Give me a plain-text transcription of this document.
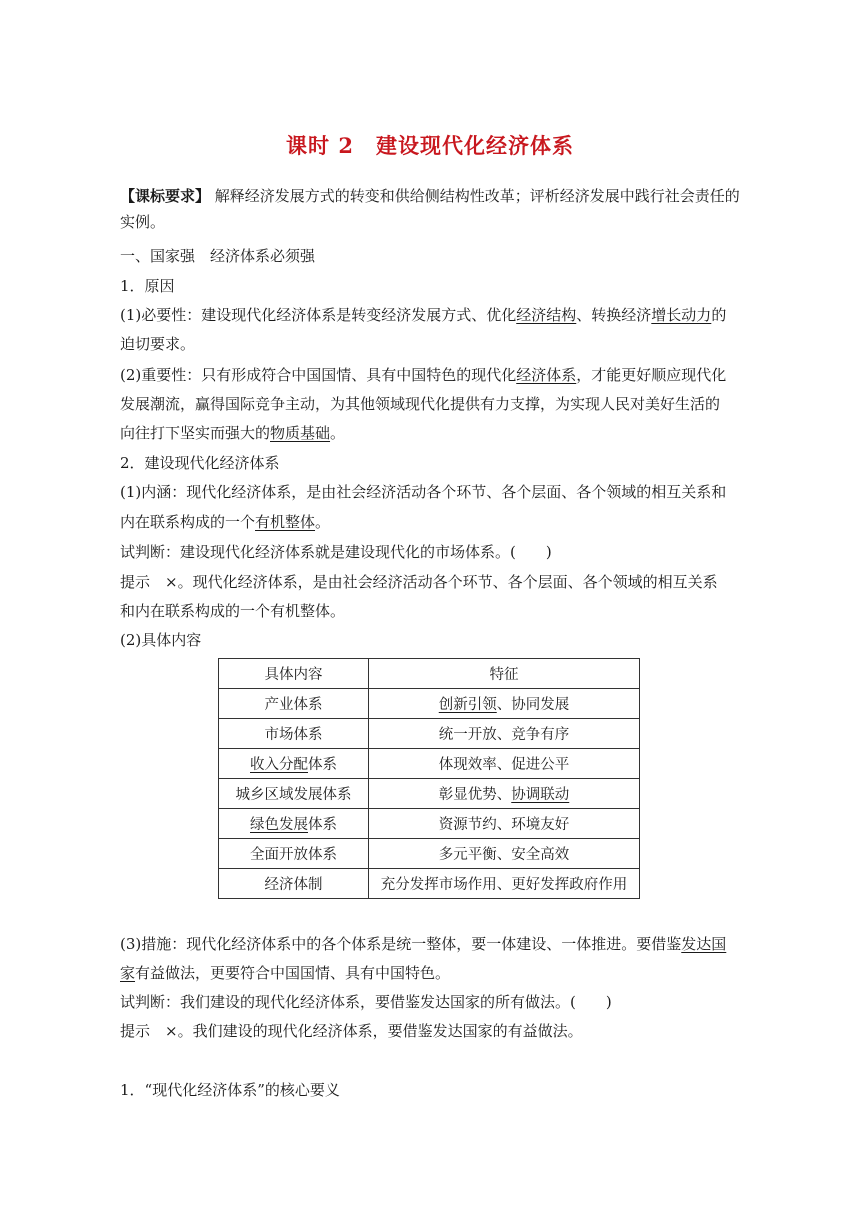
课时 2 建设现代化经济体系
【课标要求】 解释经济发展方式的转变和供给侧结构性改革；评析经济发展中践行社会责任的
实例。
一、国家强　经济体系必须强
1．原因
(1)必要性：建设现代化经济体系是转变经济发展方式、优化经济结构、转换经济增长动力的
迫切要求。
(2)重要性：只有形成符合中国国情、具有中国特色的现代化经济体系，才能更好顺应现代化
发展潮流，赢得国际竞争主动，为其他领域现代化提供有力支撑，为实现人民对美好生活的
向往打下坚实而强大的物质基础。
2．建设现代化经济体系
(1)内涵：现代化经济体系，是由社会经济活动各个环节、各个层面、各个领域的相互关系和
内在联系构成的一个有机整体。
试判断：建设现代化经济体系就是建设现代化的市场体系。(　　)
提示　×。现代化经济体系，是由社会经济活动各个环节、各个层面、各个领域的相互关系
和内在联系构成的一个有机整体。
(2)具体内容
具体内容	特征
产业体系	创新引领、协同发展
市场体系	统一开放、竞争有序
收入分配体系	体现效率、促进公平
城乡区域发展体系	彰显优势、协调联动
绿色发展体系	资源节约、环境友好
全面开放体系	多元平衡、安全高效
经济体制	充分发挥市场作用、更好发挥政府作用
(3)措施：现代化经济体系中的各个体系是统一整体，要一体建设、一体推进。要借鉴发达国
家有益做法，更要符合中国国情、具有中国特色。
试判断：我们建设的现代化经济体系，要借鉴发达国家的所有做法。(　　)
提示　×。我们建设的现代化经济体系，要借鉴发达国家的有益做法。
1．“现代化经济体系”的核心要义
